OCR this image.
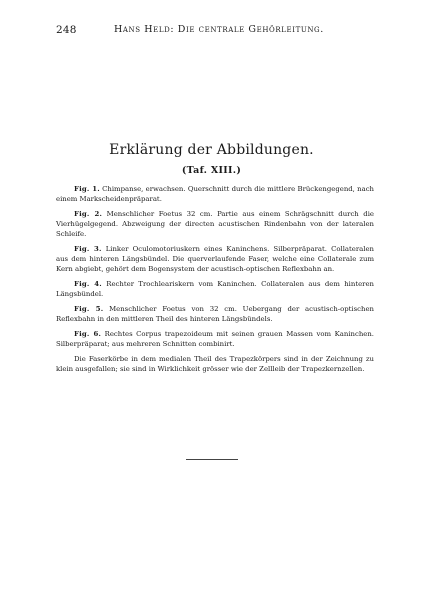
248	Hans Held: Die centrale Gehörleitung.
Erklärung der Abbildungen.
(Taf. XIII.)

Fig. 1. Chimpanse, erwachsen. Querschnitt durch die mittlere Brückengegend, nach einem Markscheidenpräparat.

Fig. 2. Menschlicher Foetus 32 cm. Partie aus einem Schrägschnitt durch die Vierhügelgegend. Abzweigung der directen acustischen Rindenbahn von der lateralen Schleife.

Fig. 3. Linker Oculomotoriuskern eines Kaninchens. Silberpräparat. Collateralen aus dem hinteren Längsbündel. Die querverlaufende Faser, welche eine Collaterale zum Kern abgiebt, gehört dem Bogensystem der acustisch-optischen Reflexbahn an.

Fig. 4. Rechter Trochleariskern vom Kaninchen. Collateralen aus dem hinteren Längsbündel.

Fig. 5. Menschlicher Foetus von 32 cm. Uebergang der acustisch-optischen Reflexbahn in den mittleren Theil des hinteren Längsbündels.

Fig. 6. Rechtes Corpus trapezoideum mit seinen grauen Massen vom Kaninchen. Silberpräparat; aus mehreren Schnitten combinirt.

Die Faserkörbe in dem medialen Theil des Trapezkörpers sind in der Zeichnung zu klein ausgefallen; sie sind in Wirklichkeit grösser wie der Zellleib der Trapezkernzellen.
